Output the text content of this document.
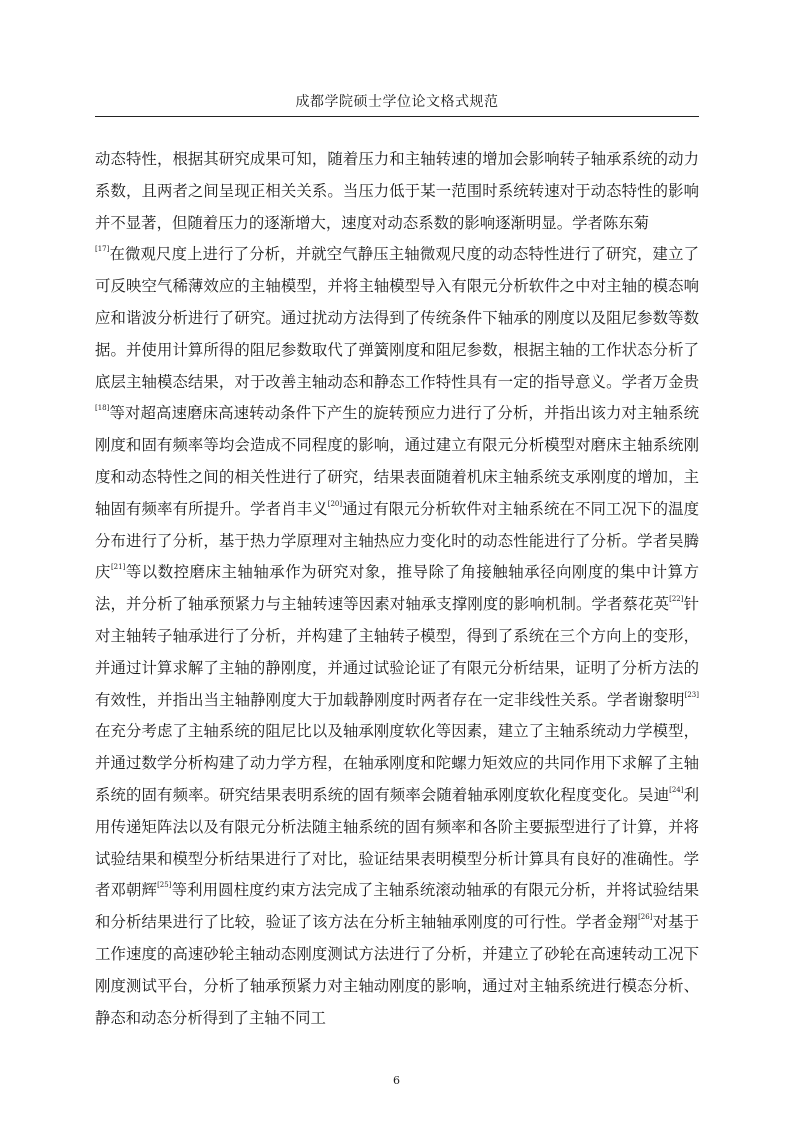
成都学院硕士学位论文格式规范

动态特性，根据其研究成果可知，随着压力和主轴转速的增加会影响转子轴承系统的动力系数，且两者之间呈现正相关关系。当压力低于某一范围时系统转速对于动态特性的影响并不显著，但随着压力的逐渐增大，速度对动态系数的影响逐渐明显。学者陈东菊
[17]在微观尺度上进行了分析，并就空气静压主轴微观尺度的动态特性进行了研究，建立了可反映空气稀薄效应的主轴模型，并将主轴模型导入有限元分析软件之中对主轴的模态响应和谐波分析进行了研究。通过扰动方法得到了传统条件下轴承的刚度以及阻尼参数等数据。并使用计算所得的阻尼参数取代了弹簧刚度和阻尼参数，根据主轴的工作状态分析了底层主轴模态结果，对于改善主轴动态和静态工作特性具有一定的指导意义。学者万金贵[18]等对超高速磨床高速转动条件下产生的旋转预应力进行了分析，并指出该力对主轴系统刚度和固有频率等均会造成不同程度的影响，通过建立有限元分析模型对磨床主轴系统刚度和动态特性之间的相关性进行了研究，结果表面随着机床主轴系统支承刚度的增加，主轴固有频率有所提升。学者肖丰义[20]通过有限元分析软件对主轴系统在不同工况下的温度分布进行了分析，基于热力学原理对主轴热应力变化时的动态性能进行了分析。学者吴腾庆[21]等以数控磨床主轴轴承作为研究对象，推导除了角接触轴承径向刚度的集中计算方法，并分析了轴承预紧力与主轴转速等因素对轴承支撑刚度的影响机制。学者蔡花英[22]针对主轴转子轴承进行了分析，并构建了主轴转子模型，得到了系统在三个方向上的变形，并通过计算求解了主轴的静刚度，并通过试验论证了有限元分析结果，证明了分析方法的有效性，并指出当主轴静刚度大于加载静刚度时两者存在一定非线性关系。学者谢黎明[23]在充分考虑了主轴系统的阻尼比以及轴承刚度软化等因素，建立了主轴系统动力学模型，并通过数学分析构建了动力学方程，在轴承刚度和陀螺力矩效应的共同作用下求解了主轴系统的固有频率。研究结果表明系统的固有频率会随着轴承刚度软化程度变化。吴迪[24]利用传递矩阵法以及有限元分析法随主轴系统的固有频率和各阶主要振型进行了计算，并将试验结果和模型分析结果进行了对比，验证结果表明模型分析计算具有良好的准确性。学者邓朝辉[25]等利用圆柱度约束方法完成了主轴系统滚动轴承的有限元分析，并将试验结果和分析结果进行了比较，验证了该方法在分析主轴轴承刚度的可行性。学者金翔[26]对基于工作速度的高速砂轮主轴动态刚度测试方法进行了分析，并建立了砂轮在高速转动工况下刚度测试平台，分析了轴承预紧力对主轴动刚度的影响，通过对主轴系统进行模态分析、静态和动态分析得到了主轴不同工

6
